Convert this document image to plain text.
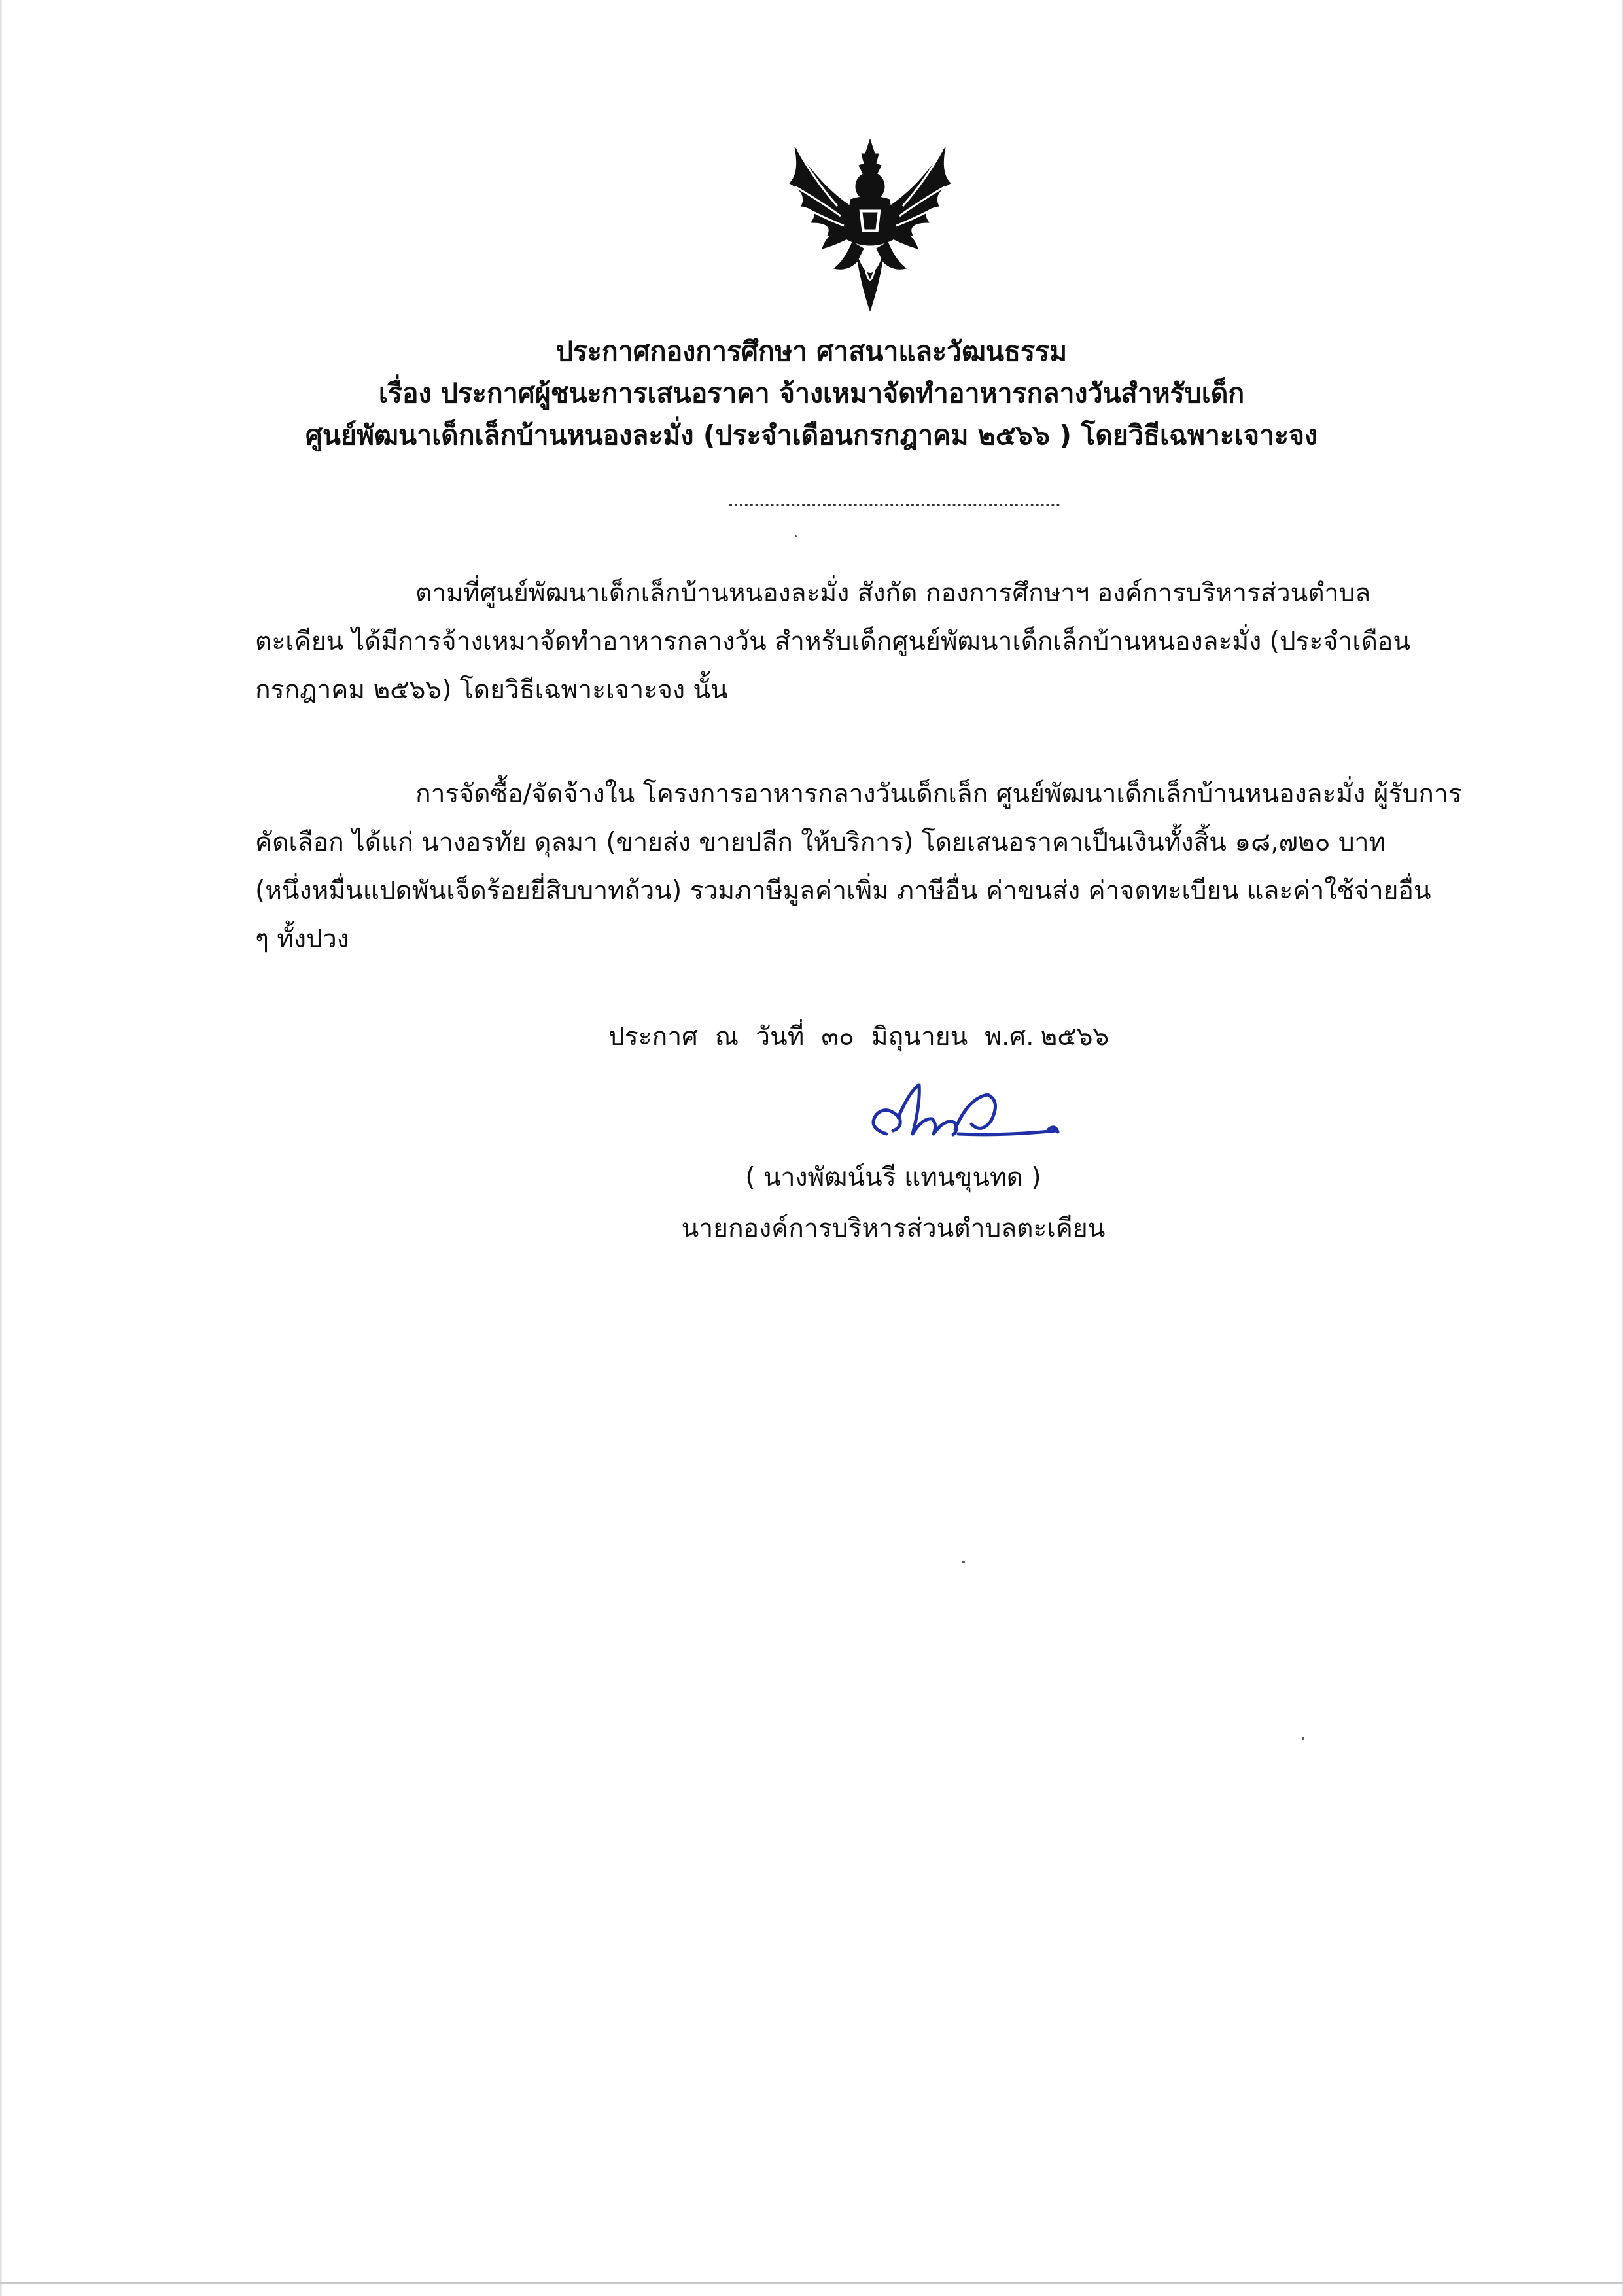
ประกาศกองการศึกษา ศาสนาและวัฒนธรรม
เรื่อง ประกาศผู้ชนะการเสนอราคา จ้างเหมาจัดทำอาหารกลางวันสำหรับเด็ก
ศูนย์พัฒนาเด็กเล็กบ้านหนองละมั่ง (ประจำเดือนกรกฎาคม ๒๕๖๖ ) โดยวิธีเฉพาะเจาะจง
ตามที่ศูนย์พัฒนาเด็กเล็กบ้านหนองละมั่ง สังกัด กองการศึกษาฯ องค์การบริหารส่วนตำบล
ตะเคียน ได้มีการจ้างเหมาจัดทำอาหารกลางวัน สำหรับเด็กศูนย์พัฒนาเด็กเล็กบ้านหนองละมั่ง (ประจำเดือน
กรกฎาคม ๒๕๖๖) โดยวิธีเฉพาะเจาะจง นั้น
การจัดซื้อ/จัดจ้างใน โครงการอาหารกลางวันเด็กเล็ก ศูนย์พัฒนาเด็กเล็กบ้านหนองละมั่ง ผู้รับการ
คัดเลือก ได้แก่ นางอรทัย ดุลมา (ขายส่ง ขายปลีก ให้บริการ) โดยเสนอราคาเป็นเงินทั้งสิ้น ๑๘,๗๒๐ บาท
(หนึ่งหมื่นแปดพันเจ็ดร้อยยี่สิบบาทถ้วน) รวมภาษีมูลค่าเพิ่ม ภาษีอื่น ค่าขนส่ง ค่าจดทะเบียน และค่าใช้จ่ายอื่น
ๆ ทั้งปวง
ประกาศ ณ วันที่ ๓๐ มิถุนายน พ.ศ. ๒๕๖๖
( นางพัฒน์นรี แทนขุนทด )
นายกองค์การบริหารส่วนตำบลตะเคียน
